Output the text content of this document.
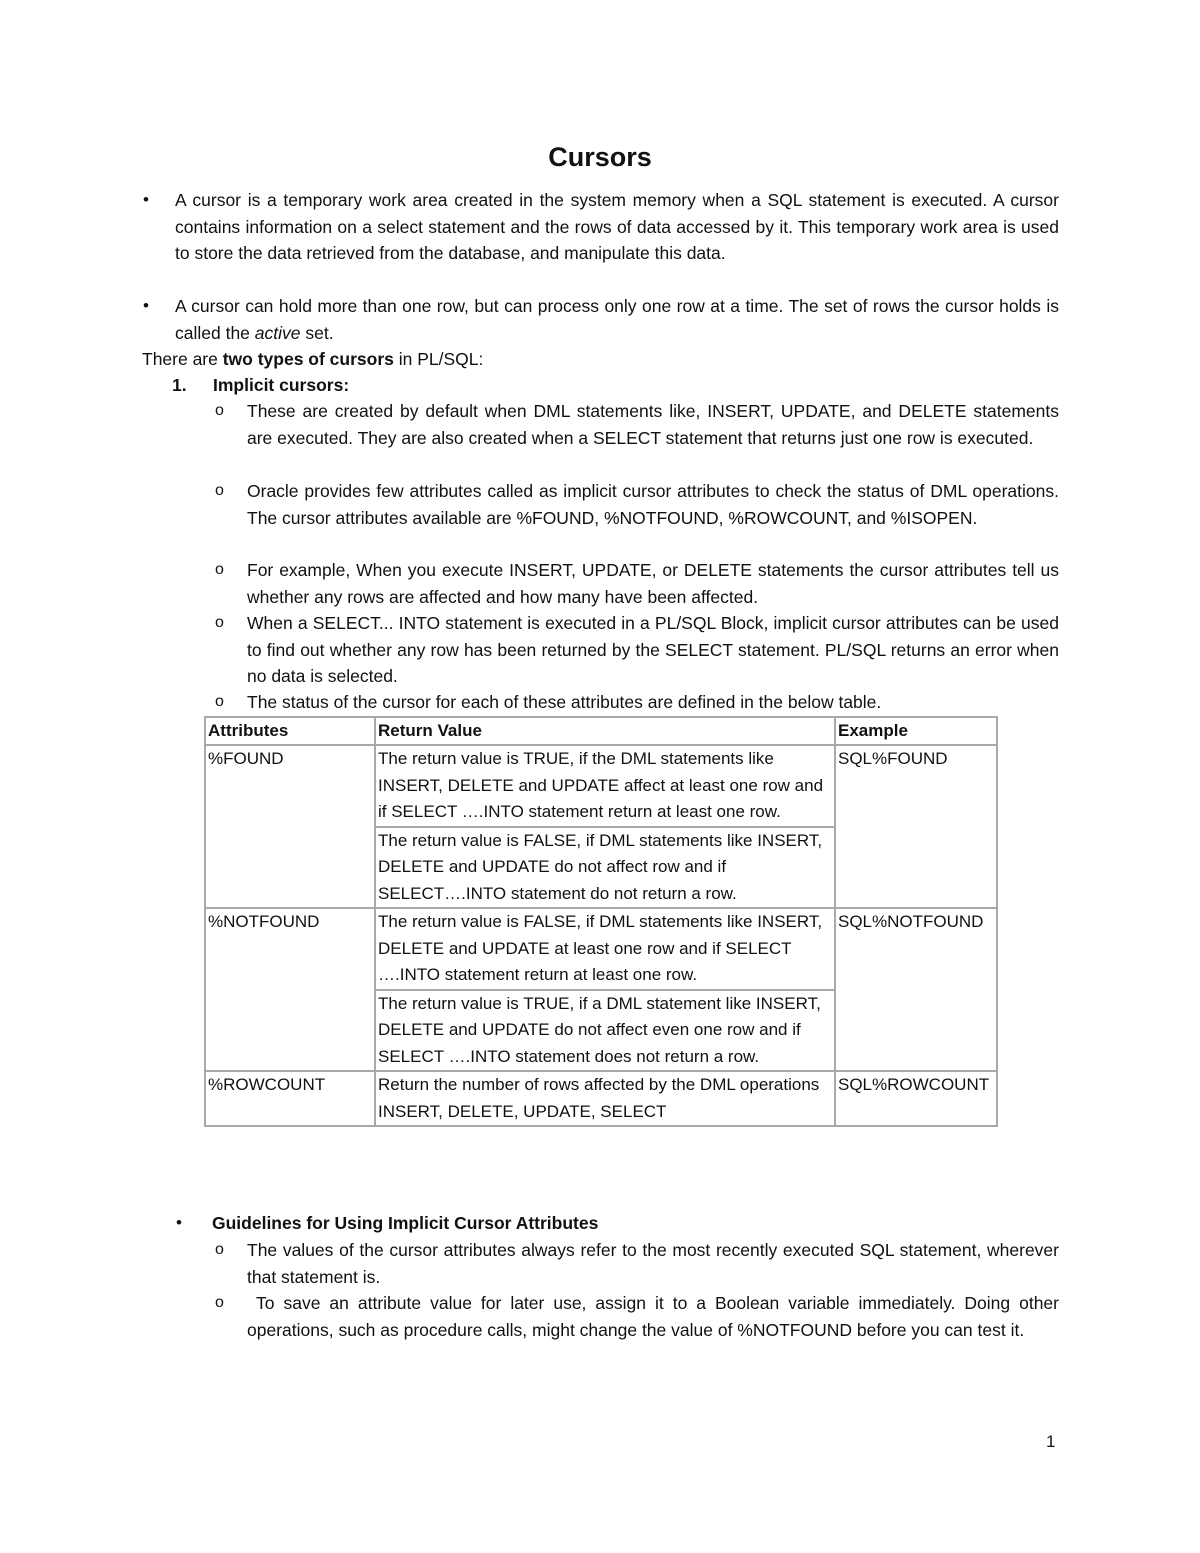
Cursors
• A cursor is a temporary work area created in the system memory when a SQL statement is executed. A cursor contains information on a select statement and the rows of data accessed by it. This temporary work area is used to store the data retrieved from the database, and manipulate this data.
• A cursor can hold more than one row, but can process only one row at a time. The set of rows the cursor holds is called the active set.
There are two types of cursors in PL/SQL:
1. Implicit cursors:
o These are created by default when DML statements like, INSERT, UPDATE, and DELETE statements are executed. They are also created when a SELECT statement that returns just one row is executed.
o Oracle provides few attributes called as implicit cursor attributes to check the status of DML operations. The cursor attributes available are %FOUND, %NOTFOUND, %ROWCOUNT, and %ISOPEN.
o For example, When you execute INSERT, UPDATE, or DELETE statements the cursor attributes tell us whether any rows are affected and how many have been affected.
o When a SELECT... INTO statement is executed in a PL/SQL Block, implicit cursor attributes can be used to find out whether any row has been returned by the SELECT statement. PL/SQL returns an error when no data is selected.
o The status of the cursor for each of these attributes are defined in the below table.
Attributes	Return Value	Example
%FOUND	The return value is TRUE, if the DML statements like INSERT, DELETE and UPDATE affect at least one row and if SELECT ….INTO statement return at least one row.	SQL%FOUND
	The return value is FALSE, if DML statements like INSERT, DELETE and UPDATE do not affect row and if SELECT….INTO statement do not return a row.	
%NOTFOUND	The return value is FALSE, if DML statements like INSERT, DELETE and UPDATE at least one row and if SELECT ….INTO statement return at least one row.	SQL%NOTFOUND
	The return value is TRUE, if a DML statement like INSERT, DELETE and UPDATE do not affect even one row and if SELECT ….INTO statement does not return a row.	
%ROWCOUNT	Return the number of rows affected by the DML operations INSERT, DELETE, UPDATE, SELECT	SQL%ROWCOUNT
• Guidelines for Using Implicit Cursor Attributes
o The values of the cursor attributes always refer to the most recently executed SQL statement, wherever that statement is.
o To save an attribute value for later use, assign it to a Boolean variable immediately. Doing other operations, such as procedure calls, might change the value of %NOTFOUND before you can test it.
1
